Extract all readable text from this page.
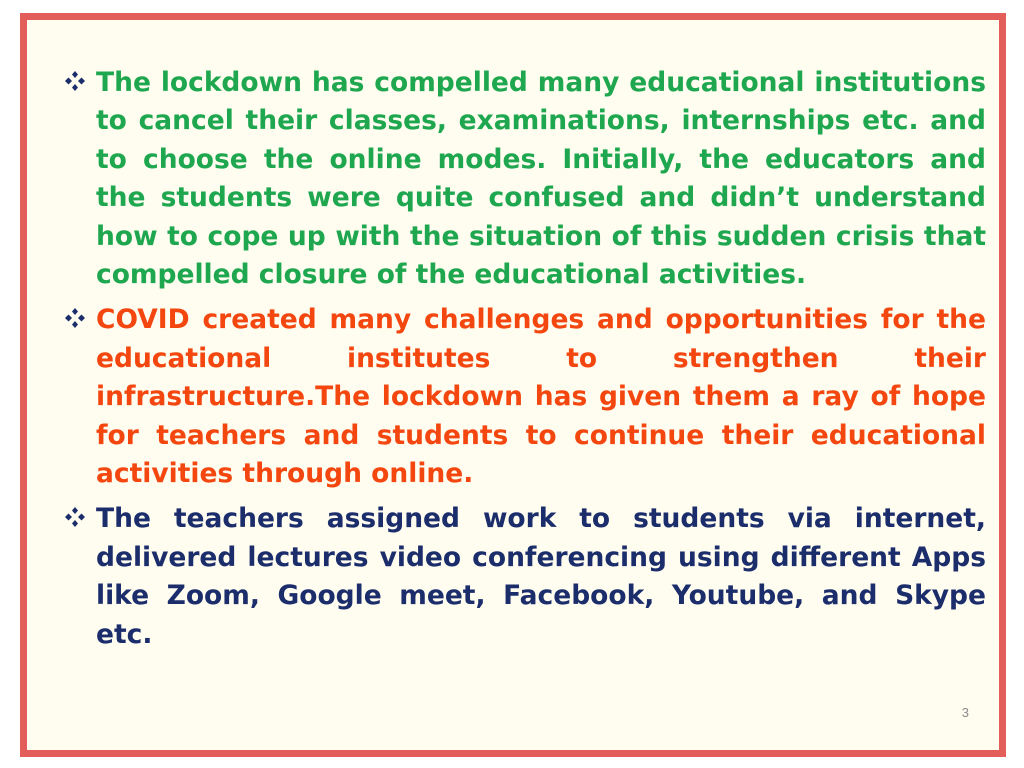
The lockdown has compelled many educational institutions to cancel their classes, examinations, internships etc. and to choose the online modes. Initially, the educators and the students were quite confused and didn’t understand how to cope up with the situation of this sudden crisis that compelled closure of the educational activities.
COVID created many challenges and opportunities for the educational institutes to strengthen their infrastructure.The lockdown has given them a ray of hope for teachers and students to continue their educational activities through online.
The teachers assigned work to students via internet, delivered lectures video conferencing using different Apps like Zoom, Google meet, Facebook, Youtube, and Skype etc.
3
